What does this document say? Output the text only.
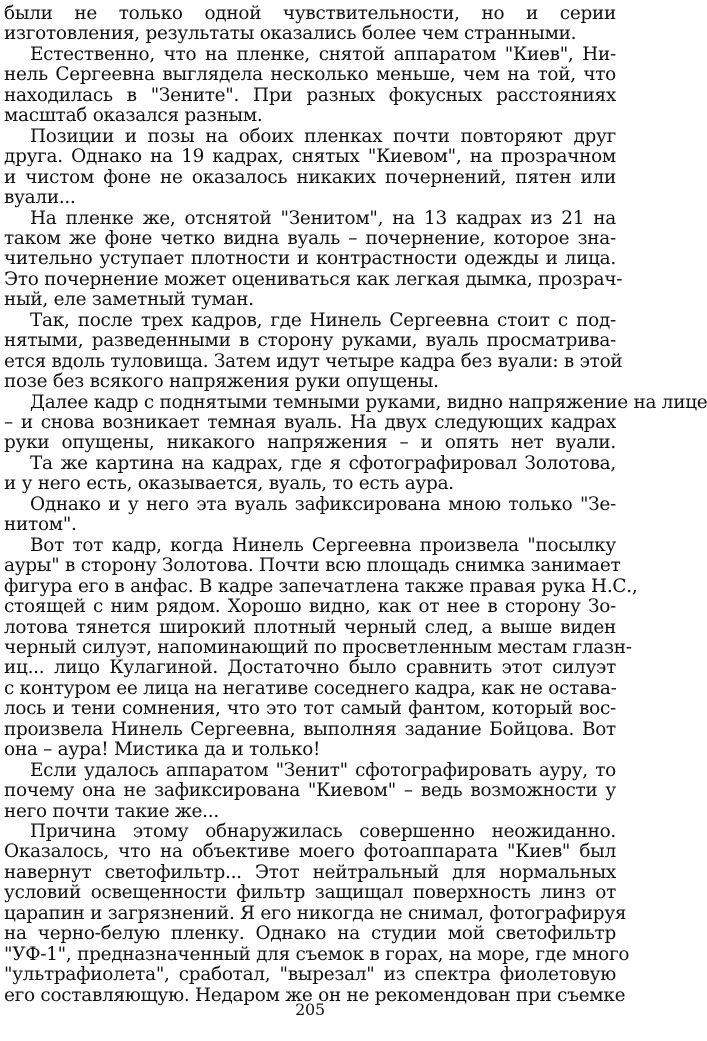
были не только одной чувствительности, но и серии
изготовления, результаты оказались более чем странными.
Естественно, что на пленке, снятой аппаратом "Киев", Ни-
нель Сергеевна выглядела несколько меньше, чем на той, что
находилась в "Зените". При разных фокусных расстояниях
масштаб оказался разным.
Позиции и позы на обоих пленках почти повторяют друг
друга. Однако на 19 кадрах, снятых "Киевом", на прозрачном
и чистом фоне не оказалось никаких почернений, пятен или
вуали...
На пленке же, отснятой "Зенитом", на 13 кадрах из 21 на
таком же фоне четко видна вуаль – почернение, которое зна-
чительно уступает плотности и контрастности одежды и лица.
Это почернение может оцениваться как легкая дымка, прозрач-
ный, еле заметный туман.
Так, после трех кадров, где Нинель Сергеевна стоит с под-
нятыми, разведенными в сторону руками, вуаль просматрива-
ется вдоль туловища. Затем идут четыре кадра без вуали: в этой
позе без всякого напряжения руки опущены.
Далее кадр с поднятыми темными руками, видно напряжение на лице
– и снова возникает темная вуаль. На двух следующих кадрах
руки опущены, никакого напряжения – и опять нет вуали.
Та же картина на кадрах, где я сфотографировал Золотова,
и у него есть, оказывается, вуаль, то есть аура.
Однако и у него эта вуаль зафиксирована мною только "Зе-
нитом".
Вот тот кадр, когда Нинель Сергеевна произвела "посылку
ауры" в сторону Золотова. Почти всю площадь снимка занимает
фигура его в анфас. В кадре запечатлена также правая рука Н.С.,
стоящей с ним рядом. Хорошо видно, как от нее в сторону Зо-
лотова тянется широкий плотный черный след, а выше виден
черный силуэт, напоминающий по просветленным местам глазн-
иц... лицо Кулагиной. Достаточно было сравнить этот силуэт
с контуром ее лица на негативе соседнего кадра, как не остава-
лось и тени сомнения, что это тот самый фантом, который вос-
произвела Нинель Сергеевна, выполняя задание Бойцова. Вот
она – аура! Мистика да и только!
Если удалось аппаратом "Зенит" сфотографировать ауру, то
почему она не зафиксирована "Киевом" – ведь возможности у
него почти такие же...
Причина этому обнаружилась совершенно неожиданно.
Оказалось, что на объективе моего фотоаппарата "Киев" был
навернут светофильтр... Этот нейтральный для нормальных
условий освещенности фильтр защищал поверхность линз от
царапин и загрязнений. Я его никогда не снимал, фотографируя
на черно-белую пленку. Однако на студии мой светофильтр
"УФ-1", предназначенный для съемок в горах, на море, где много
"ультрафиолета", сработал, "вырезал" из спектра фиолетовую
его составляющую. Недаром же он не рекомендован при съемке
205
